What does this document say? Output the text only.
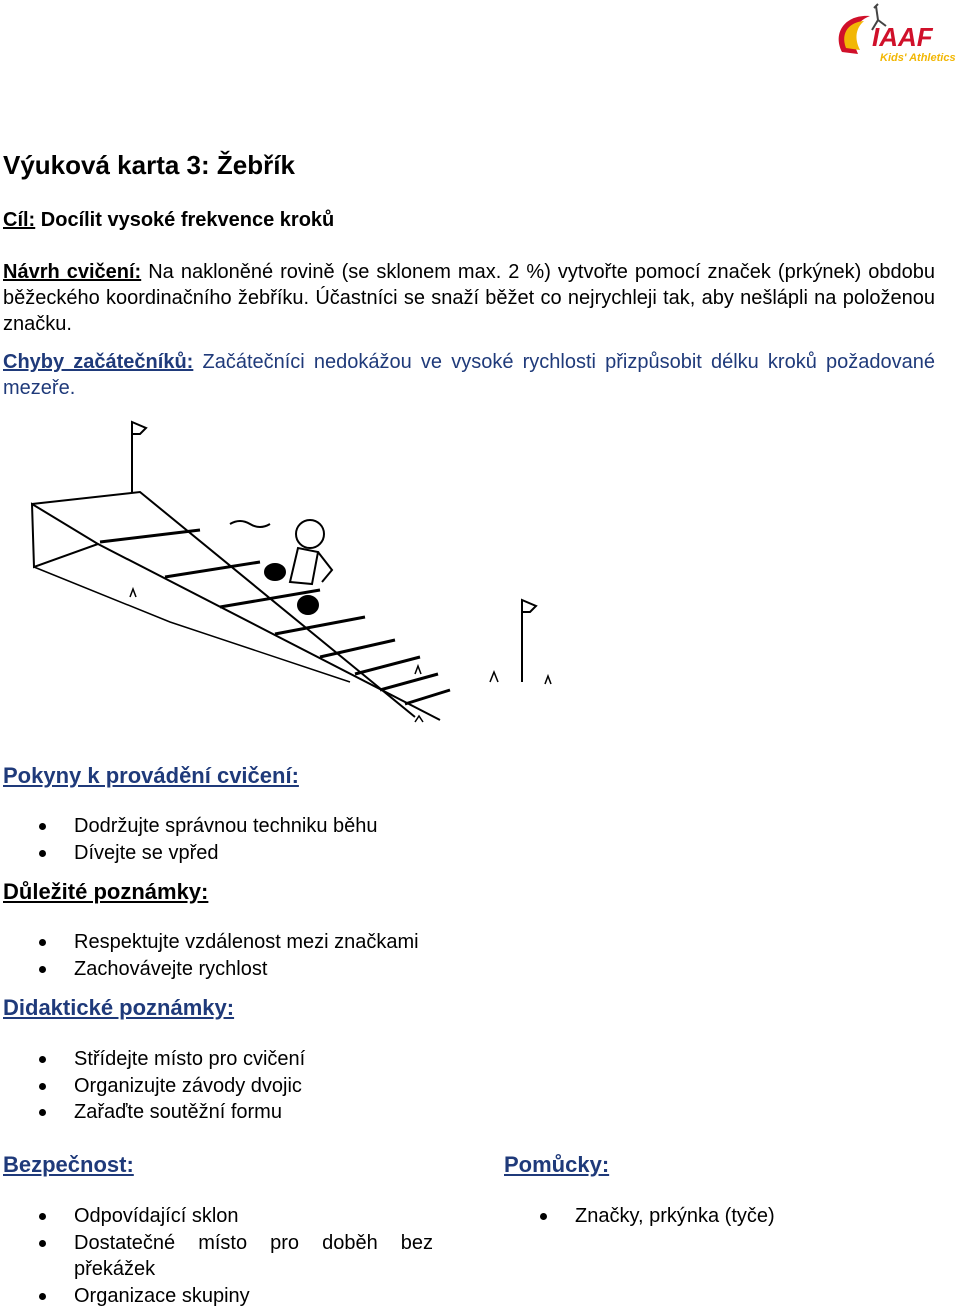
IAAF
Kids' Athletics
Výuková karta 3: Žebřík

Cíl: Docílit vysoké frekvence kroků

Návrh cvičení: Na nakloněné rovině (se sklonem max. 2 %) vytvořte pomocí značek (prkýnek) obdobu běžeckého koordinačního žebříku. Účastníci se snaží běžet co nejrychleji tak, aby nešlápli na položenou značku.

Chyby začátečníků: Začátečníci nedokážou ve vysoké rychlosti přizpůsobit délku kroků požadované mezeře.

Pokyny k provádění cvičení:
Dodržujte správnou techniku běhu
Dívejte se vpřed
Důležité poznámky:
Respektujte vzdálenost mezi značkami
Zachovávejte rychlost
Didaktické poznámky:
Střídejte místo pro cvičení
Organizujte závody dvojic
Zařaďte soutěžní formu
Bezpečnost:
Odpovídající sklon
Dostatečné místo pro doběh bez překážek
Organizace skupiny
Pomůcky:
Značky, prkýnka (tyče)
